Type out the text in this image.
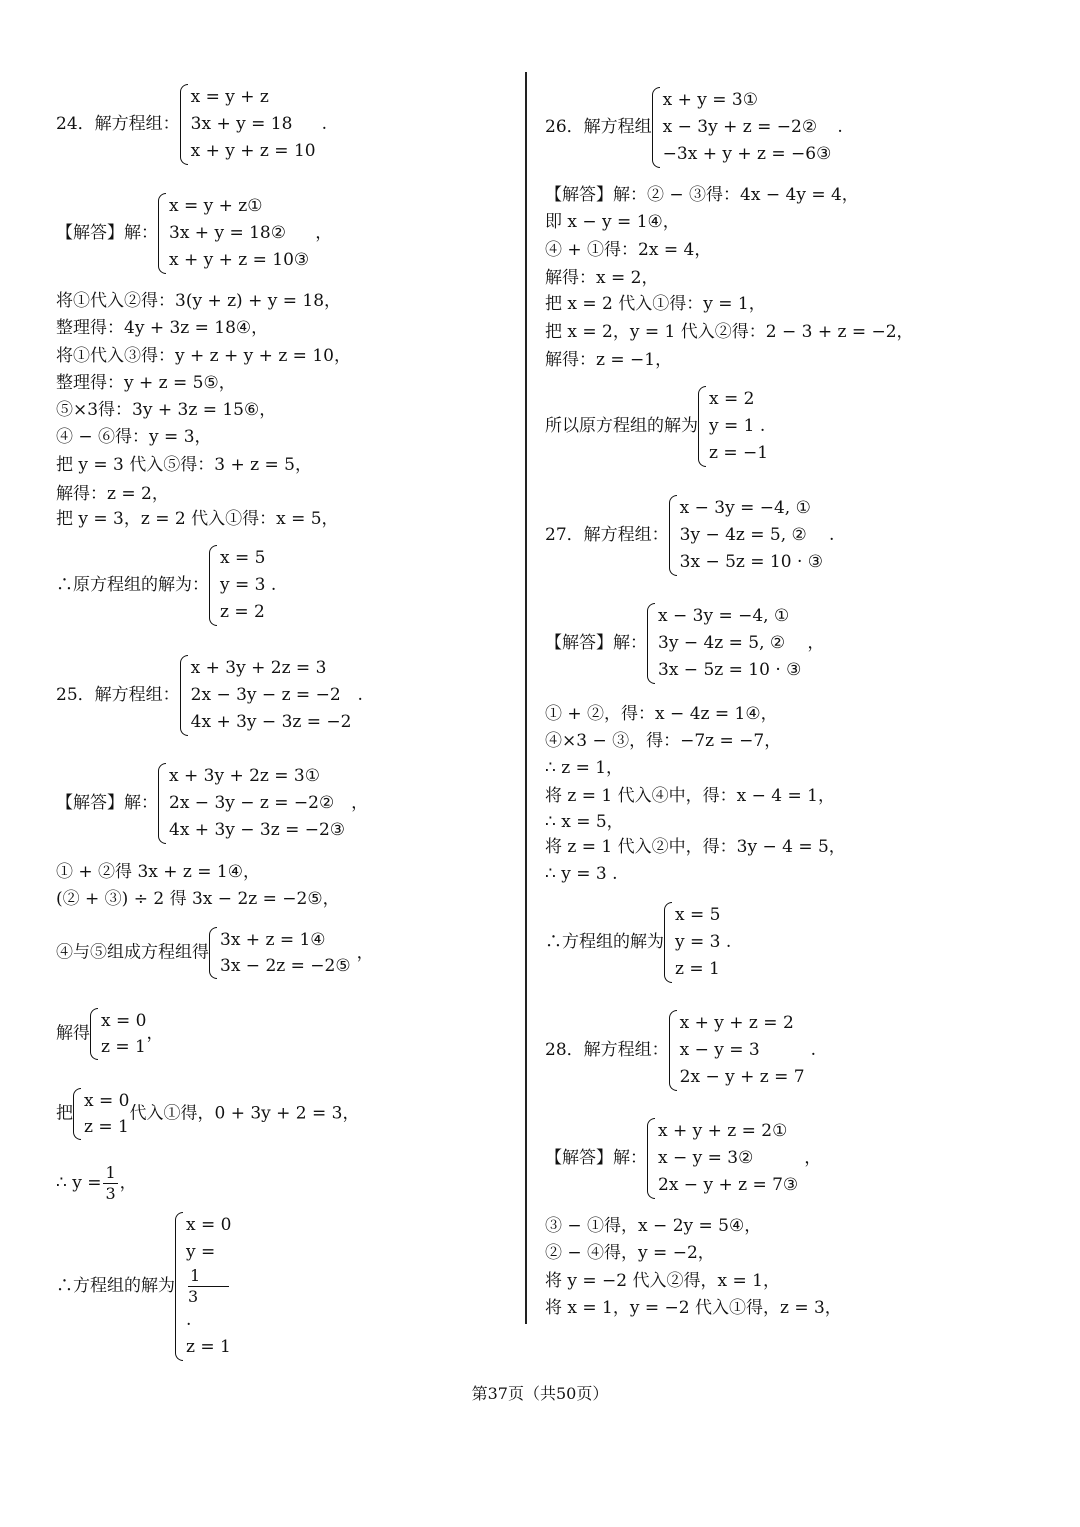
24．解方程组：
x = y + z
3x + y = 18
x + y + z = 10
.
【解答】解：
x = y + z①
3x + y = 18②
x + y + z = 10③
，
将①代入②得：3(y + z) + y = 18，
整理得：4y + 3z = 18④，
将①代入③得：y + z + y + z = 10，
整理得：y + z = 5⑤，
⑤×3得：3y + 3z = 15⑥，
④ − ⑥得：y = 3，
把 y = 3 代入⑤得：3 + z = 5，
解得：z = 2，
把 y = 3，z = 2 代入①得：x = 5，
∴原方程组的解为：
x = 5
y = 3 .
z = 2
25．解方程组：
x + 3y + 2z = 3
2x − 3y − z = −2
4x + 3y − 3z = −2
.
【解答】解：
x + 3y + 2z = 3①
2x − 3y − z = −2②
4x + 3y − 3z = −2③
，
① + ②得 3x + z = 1④，
(② + ③) ÷ 2 得 3x − 2z = −2⑤，
④与⑤组成方程组得
3x + z = 1④
3x − 2z = −2⑤
，
解得
x = 0
z = 1
，
把
x = 0
z = 1
代入①得，0 + 3y + 2 = 3，
∴ $y = \frac{1}{3}$ ，
∴方程组的解为
x = 0
y =
1
3
.
z = 1
26．解方程组
x + y = 3①
x − 3y + z = −2②
−3x + y + z = −6③
.
【解答】解：② − ③得：4x − 4y = 4，
即 x − y = 1④，
④ + ①得：2x = 4，
解得：x = 2，
把 x = 2 代入①得：y = 1，
把 x = 2，y = 1 代入②得：2 − 3 + z = −2，
解得：z = −1，
所以原方程组的解为
x = 2
y = 1 .
z = −1
27．解方程组：
x − 3y = −4, ①
3y − 4z = 5, ②
3x − 5z = 10 · ③
.
【解答】解：
x − 3y = −4, ①
3y − 4z = 5, ②
3x − 5z = 10 · ③
，
① + ②，得：x − 4z = 1④，
④×3 − ③，得：−7z = −7，
∴ z = 1，
将 z = 1 代入④中，得：x − 4 = 1，
∴ x = 5，
将 z = 1 代入②中，得：3y − 4 = 5，
∴ y = 3 .
∴方程组的解为
x = 5
y = 3 .
z = 1
28．解方程组：
x + y + z = 2
x − y = 3
2x − y + z = 7
.
【解答】解：
x + y + z = 2①
x − y = 3②
2x − y + z = 7③
，
③ − ①得，x − 2y = 5④，
② − ④得，y = −2，
将 y = −2 代入②得，x = 1，
将 x = 1，y = −2 代入①得，z = 3，
第37页（共50页）
